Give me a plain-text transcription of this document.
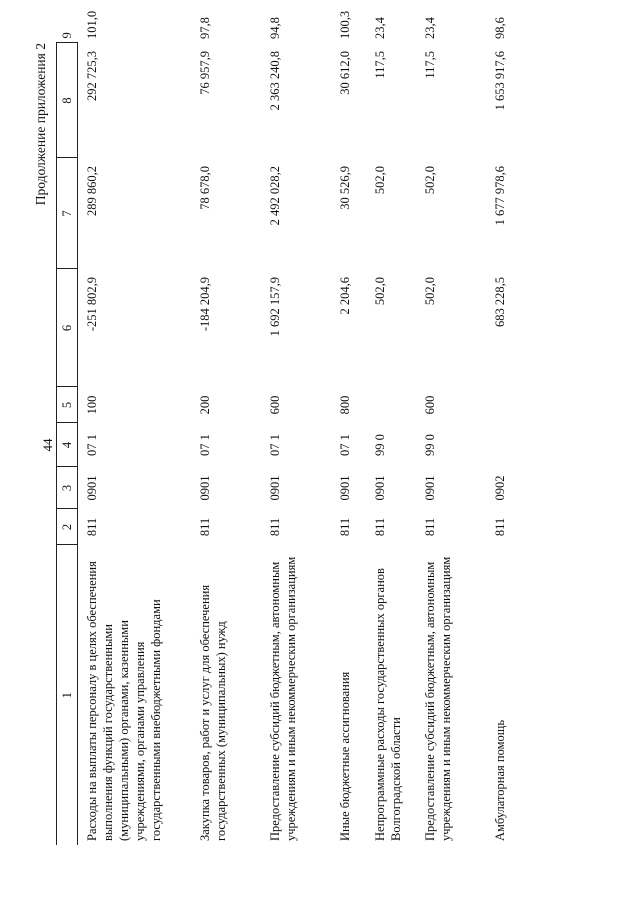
44
Продолжение приложения 2
1	2	3	4	5	6	7	8	9
Расходы на выплаты персоналу в целях обеспечения выполнения функций государственными (муниципальными) органами, казенными учреждениями, органами управления государственными внебюджетными фондами	811	0901	07 1	100	-251 802,9	289 860,2	292 725,3	101,0
Закупка товаров, работ и услуг для обеспечения государственных (муниципальных) нужд	811	0901	07 1	200	-184 204,9	78 678,0	76 957,9	97,8
Предоставление субсидий бюджетным, автономным учреждениям и иным некоммерческим организациям	811	0901	07 1	600	1 692 157,9	2 492 028,2	2 363 240,8	94,8
Иные бюджетные ассигнования	811	0901	07 1	800	2 204,6	30 526,9	30 612,0	100,3
Непрограммные расходы государственных органов Волгоградской области	811	0901	99 0		502,0	502,0	117,5	23,4
Предоставление субсидий бюджетным, автономным учреждениям и иным некоммерческим организациям	811	0901	99 0	600	502,0	502,0	117,5	23,4
Амбулаторная помощь	811	0902			683 228,5	1 677 978,6	1 653 917,6	98,6
